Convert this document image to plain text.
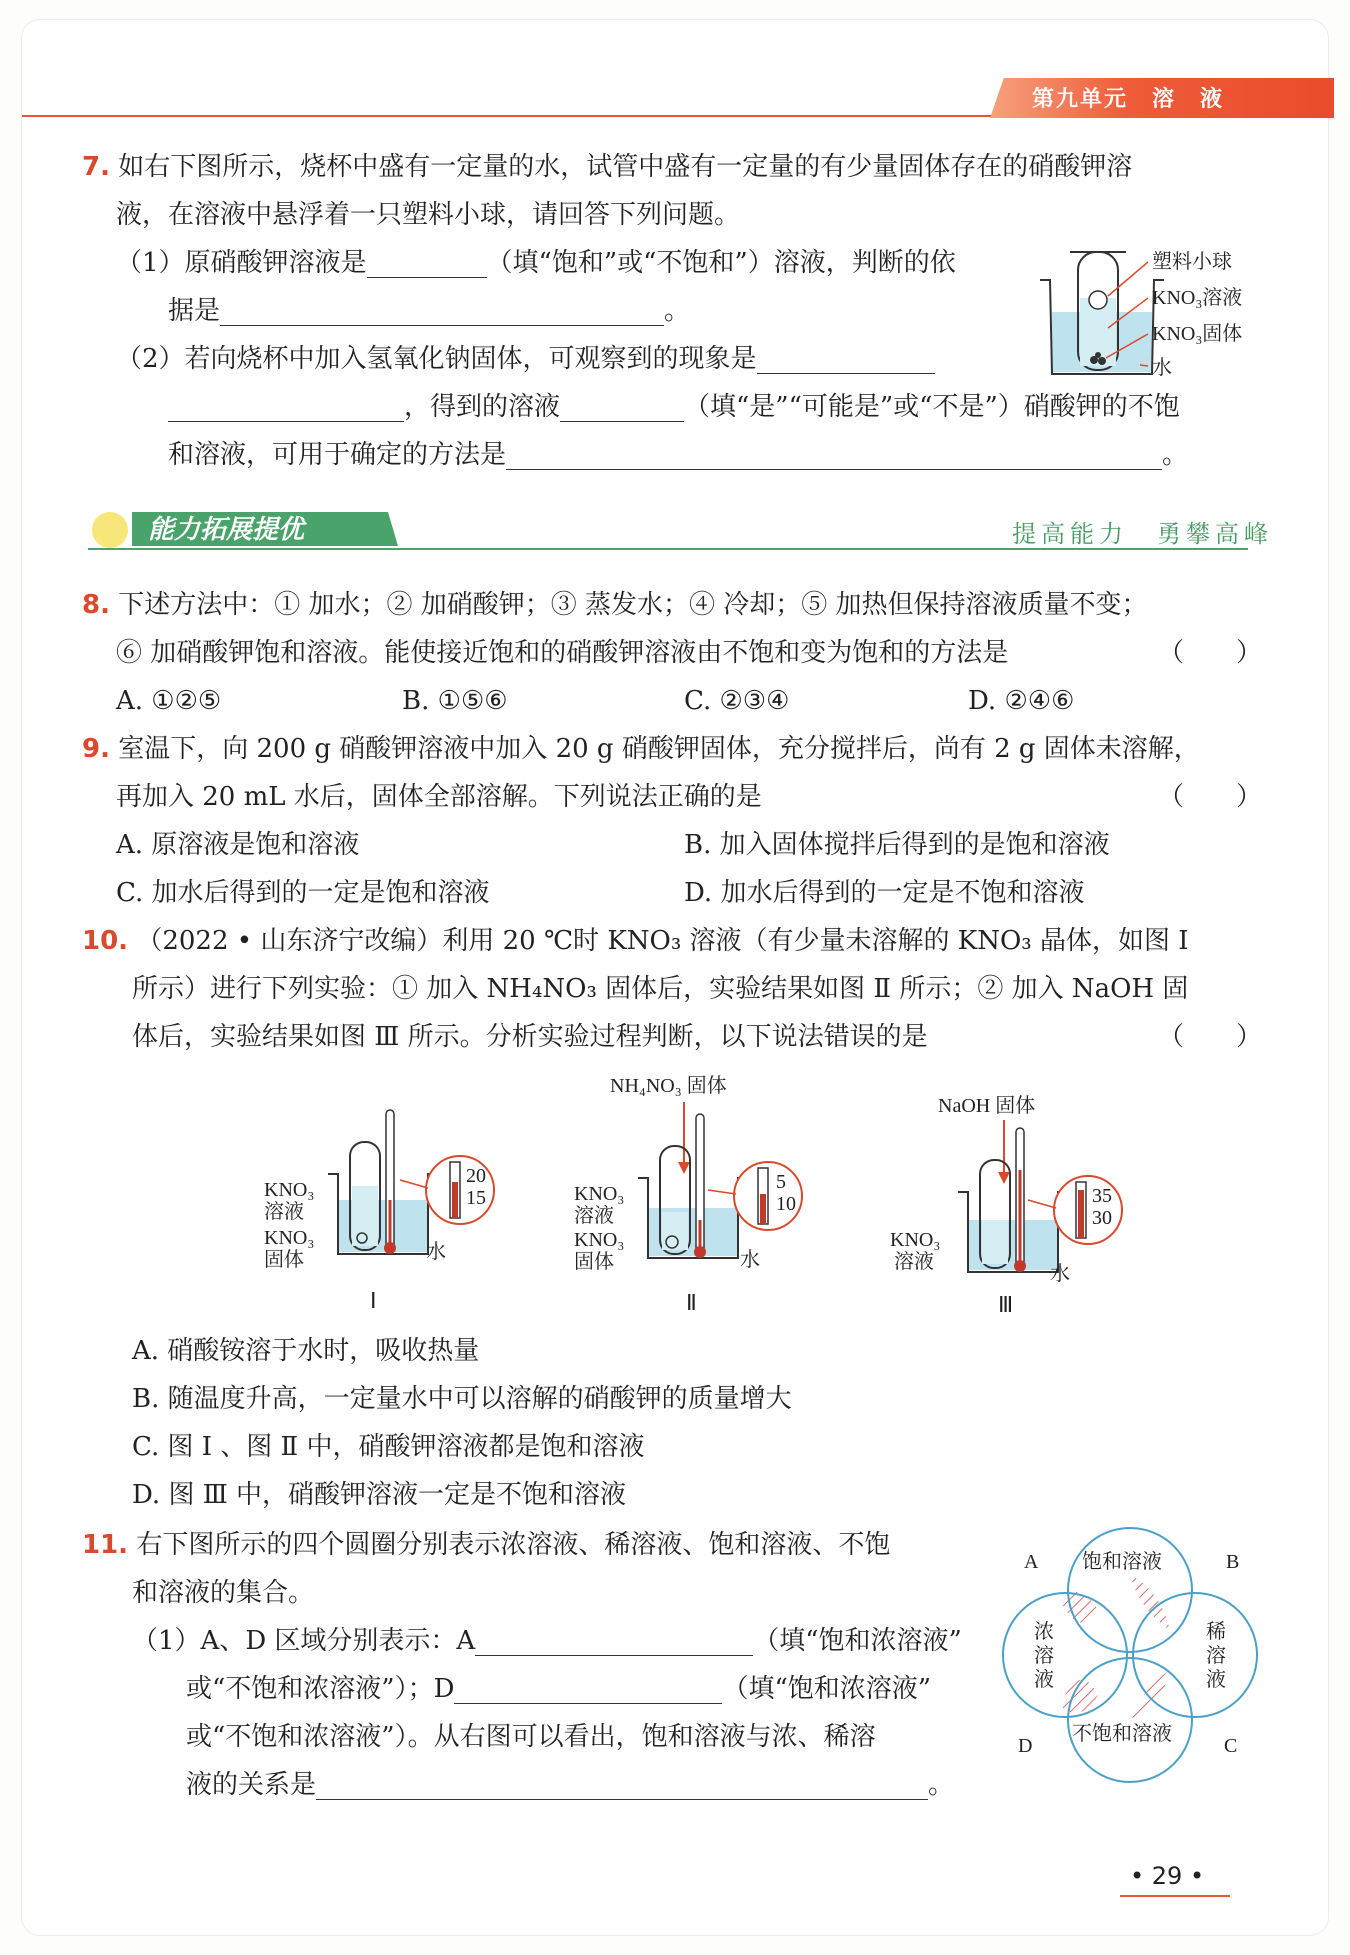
第九单元　溶　液
7. 如右下图所示，烧杯中盛有一定量的水，试管中盛有一定量的有少量固体存在的硝酸钾溶
液，在溶液中悬浮着一只塑料小球，请回答下列问题。
（1）原硝酸钾溶液是	（填“饱和”或“不饱和”）溶液，判断的依
据是	。
（2）若向烧杯中加入氢氧化钠固体，可观察到的现象是
，得到的溶液	（填“是”“可能是”或“不是”）硝酸钾的不饱
和溶液，可用于确定的方法是	。
塑料小球
KNO₃溶液
KNO₃固体
水
能力拓展提优	提高能力　勇攀高峰
8. 下述方法中：① 加水；② 加硝酸钾；③ 蒸发水；④ 冷却；⑤ 加热但保持溶液质量不变；
⑥ 加硝酸钾饱和溶液。能使接近饱和的硝酸钾溶液由不饱和变为饱和的方法是	（　　）
A. ①②⑤	B. ①⑤⑥	C. ②③④	D. ②④⑥
9. 室温下，向 200 g 硝酸钾溶液中加入 20 g 硝酸钾固体，充分搅拌后，尚有 2 g 固体未溶解，
再加入 20 mL 水后，固体全部溶解。下列说法正确的是	（　　）
A. 原溶液是饱和溶液	B. 加入固体搅拌后得到的是饱和溶液
C. 加水后得到的一定是饱和溶液	D. 加水后得到的一定是不饱和溶液
10. （2022 • 山东济宁改编）利用 20 ℃时 KNO₃ 溶液（有少量未溶解的 KNO₃ 晶体，如图 Ⅰ
所示）进行下列实验：① 加入 NH₄NO₃ 固体后，实验结果如图 Ⅱ 所示；② 加入 NaOH 固
体后，实验结果如图 Ⅲ 所示。分析实验过程判断，以下说法错误的是	（　　）
20
15
KNO₃
溶液
KNO₃
固体	水
Ⅰ
NH₄NO₃ 固体
5
10
KNO₃
溶液
KNO₃
固体	水
Ⅱ
NaOH 固体
35
30
KNO₃
溶液
水
Ⅲ
A. 硝酸铵溶于水时，吸收热量
B. 随温度升高，一定量水中可以溶解的硝酸钾的质量增大
C. 图 Ⅰ 、图 Ⅱ 中，硝酸钾溶液都是饱和溶液
D. 图 Ⅲ 中，硝酸钾溶液一定是不饱和溶液
11. 右下图所示的四个圆圈分别表示浓溶液、稀溶液、饱和溶液、不饱
和溶液的集合。
（1）A、D 区域分别表示：A	（填“饱和浓溶液”
或“不饱和浓溶液”）；D	（填“饱和浓溶液”
或“不饱和浓溶液”）。从右图可以看出，饱和溶液与浓、稀溶
液的关系是	。
饱和溶液
不饱和溶液
浓
溶
液
稀
溶
液
A	B
C
D
• 29 •
